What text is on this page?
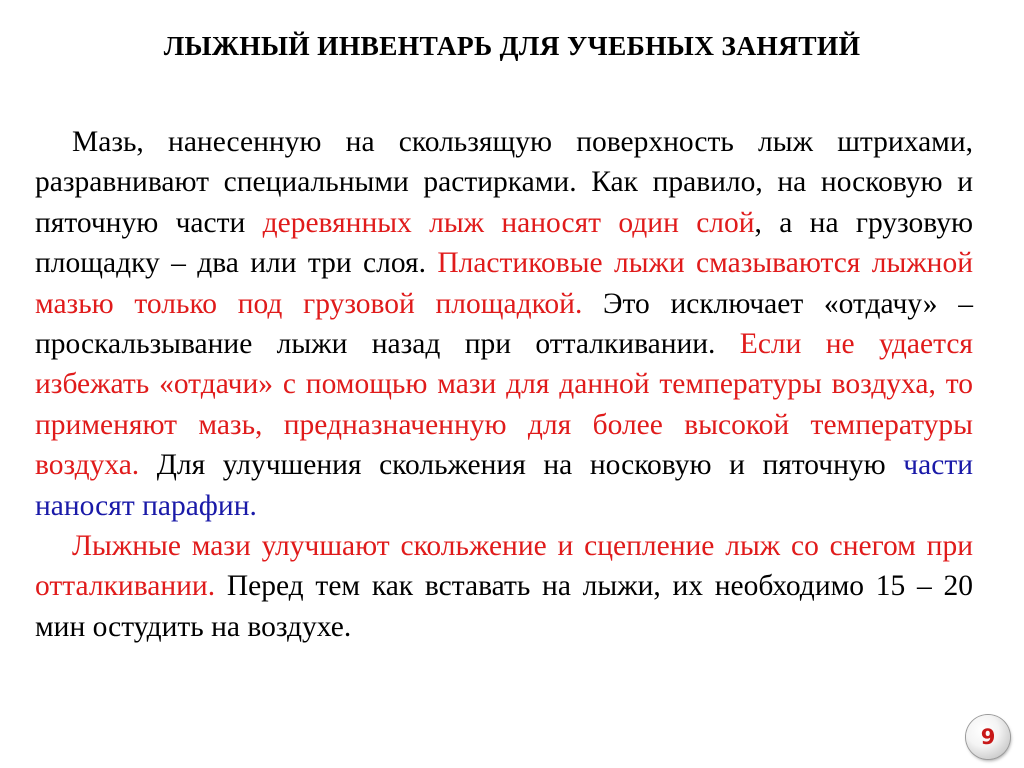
ЛЫЖНЫЙ ИНВЕНТАРЬ ДЛЯ УЧЕБНЫХ ЗАНЯТИЙ

Мазь, нанесенную на скользящую поверхность лыж штрихами, разравнивают специальными растирками. Как правило, на носковую и пяточную части деревянных лыж наносят один слой, а на грузовую площадку – два или три слоя. Пластиковые лыжи смазываются лыжной мазью только под грузовой площадкой. Это исключает «отдачу» – проскальзывание лыжи назад при отталкивании. Если не удается избежать «отдачи» с помощью мази для данной температуры воздуха, то применяют мазь, предназначенную для более высокой температуры воздуха. Для улучшения скольжения на носковую и пяточную части наносят парафин.

Лыжные мази улучшают скольжение и сцепление лыж со снегом при отталкивании. Перед тем как вставать на лыжи, их необходимо 15 – 20 мин остудить на воздухе.

9
